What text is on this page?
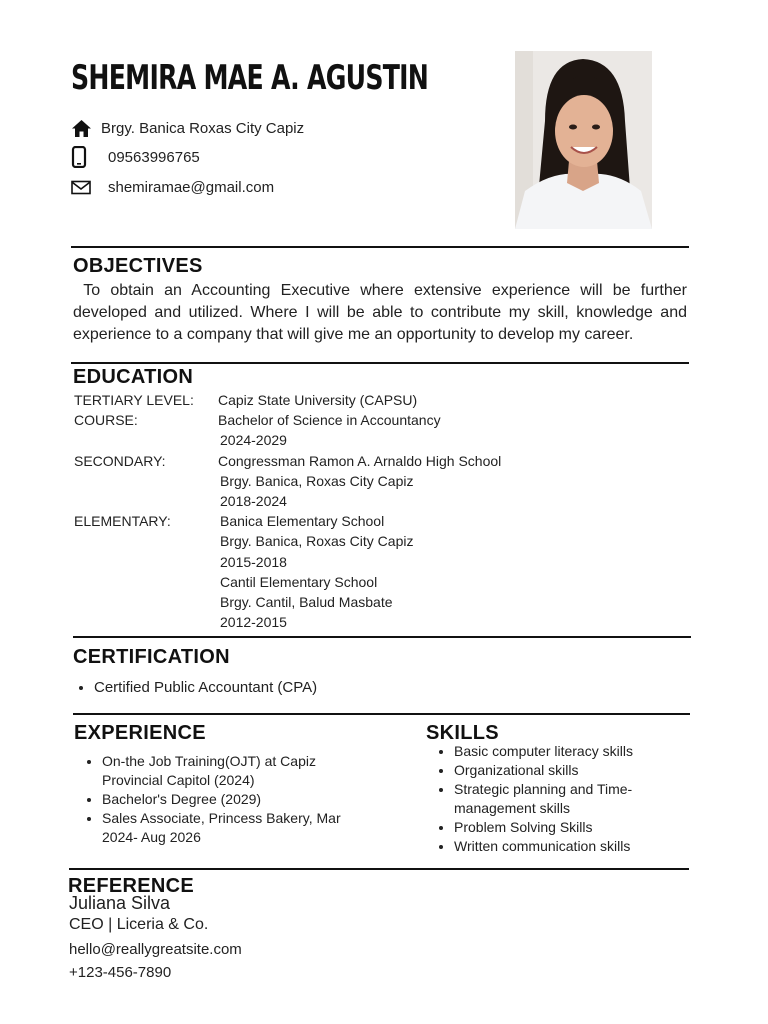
SHEMIRA MAE A. AGUSTIN
Brgy. Banica Roxas City Capiz
09563996765
shemiramae@gmail.com
OBJECTIVES
To obtain an Accounting Executive where extensive experience will be further developed and utilized. Where I will be able to contribute my skill, knowledge and experience to a company that will give me an opportunity to develop my career.
EDUCATION
TERTIARY LEVEL:
COURSE:

SECONDARY:

ELEMENTARY:
Capiz State University (CAPSU)
Bachelor of Science in Accountancy
2024-2029
Congressman Ramon A. Arnaldo High School
Brgy. Banica, Roxas City Capiz
2018-2024
Banica Elementary School
Brgy. Banica, Roxas City Capiz
2015-2018
Cantil Elementary School
Brgy. Cantil, Balud Masbate
2012-2015
CERTIFICATION
• Certified Public Accountant (CPA)
EXPERIENCE
• On-the Job Training(OJT) at Capiz Provincial Capitol (2024)
• Bachelor's Degree (2029)
• Sales Associate, Princess Bakery, Mar 2024- Aug 2026
SKILLS
• Basic computer literacy skills
• Organizational skills
• Strategic planning and Time-management skills
• Problem Solving Skills
• Written communication skills
REFERENCE
Juliana Silva
CEO | Liceria & Co.
hello@reallygreatsite.com
+123-456-7890
